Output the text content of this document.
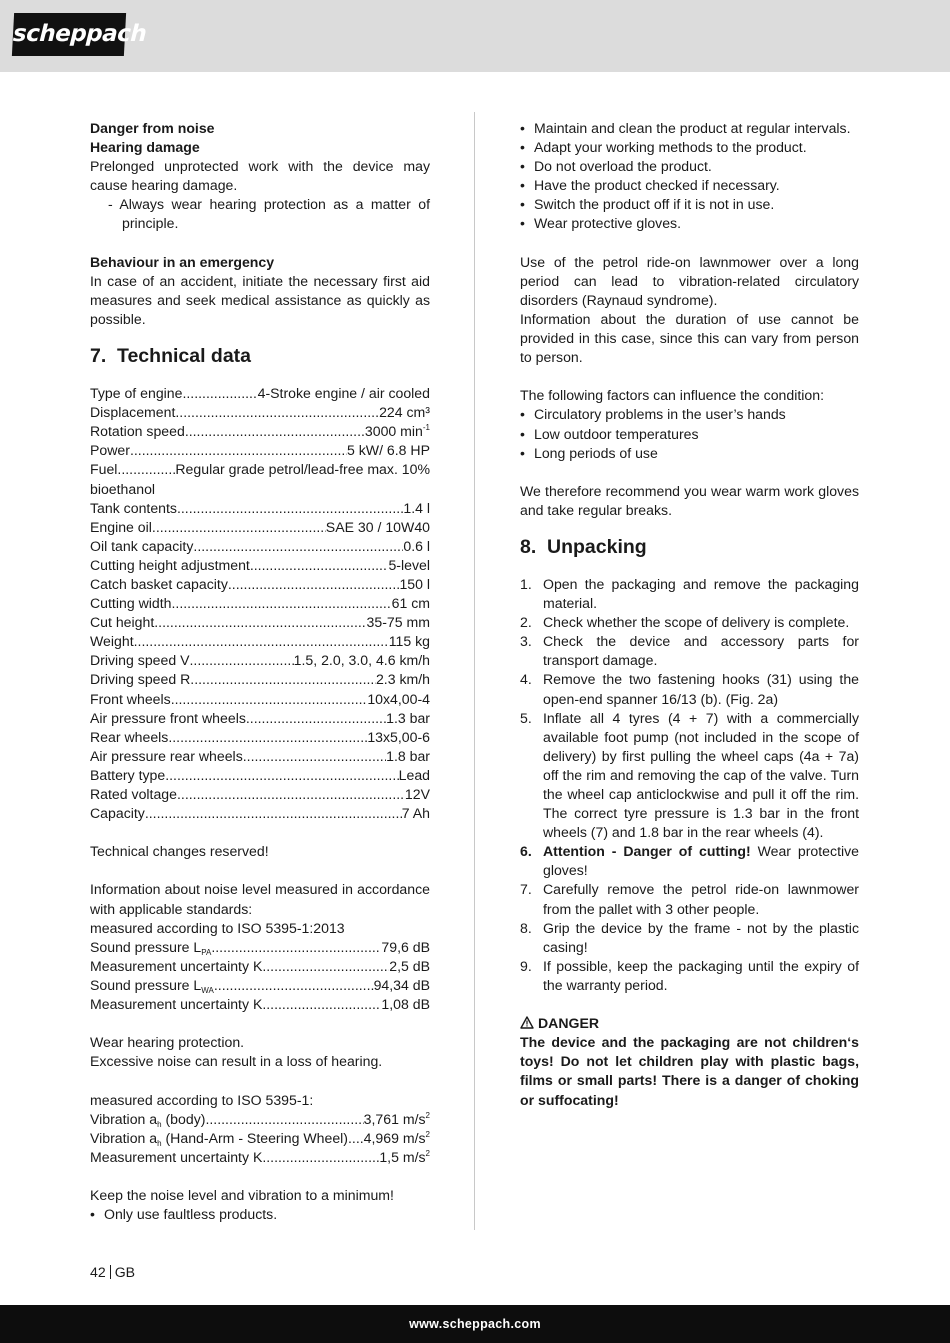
scheppach
Danger from noise
Hearing damage
Prelonged unprotected work with the device may cause hearing damage.
- Always wear hearing protection as a matter of principle.
Behaviour in an emergency
In case of an accident, initiate the necessary first aid measures and seek medical assistance as quickly as possible.
7. Technical data
Type of engine .....	4-Stroke engine / air cooled
Displacement .....	224 cm³
Rotation speed .....	3000 $\min^{-1}$
Power .....	5 kW/ 6.8 HP
Fuel .....	Regular grade petrol/lead-free max. 10%
bioethanol
Tank contents .....	1.4 l
Engine oil .....	SAE 30 / 10W40
Oil tank capacity .....	0.6 l
Cutting height adjustment .....	5-level
Catch basket capacity .....	150 l
Cutting width .....	61 cm
Cut height .....	35-75 mm
Weight .....	115 kg
Driving speed V .....	1.5, 2.0, 3.0, 4.6 km/h
Driving speed R .....	2.3 km/h
Front wheels .....	10x4,00-4
Air pressure front wheels .....	1.3 bar
Rear wheels .....	13x5,00-6
Air pressure rear wheels .....	1.8 bar
Battery type .....	Lead
Rated voltage .....	12V
Capacity .....	7 Ah
Technical changes reserved!
Information about noise level measured in accordance with applicable standards:
measured according to ISO 5395-1:2013
Sound pressure $L_{PA}$ .....	79,6 dB
Measurement uncertainty K .....	2,5 dB
Sound pressure $L_{WA}$ .....	94,34 dB
Measurement uncertainty K .....	1,08 dB
Wear hearing protection.
Excessive noise can result in a loss of hearing.
measured according to ISO 5395-1:
Vibration $a_h$ (body) .....	3,761 $m/s^2$
Vibration $a_h$ (Hand-Arm - Steering Wheel) ..... 4,969 $m/s^2$
Measurement uncertainty K .....	1,5 $m/s^2$
Keep the noise level and vibration to a minimum!
• Only use faultless products.
• Maintain and clean the product at regular intervals.
• Adapt your working methods to the product.
• Do not overload the product.
• Have the product checked if necessary.
• Switch the product off if it is not in use.
• Wear protective gloves.
Use of the petrol ride-on lawnmower over a long period can lead to vibration-related circulatory disorders (Raynaud syndrome).
Information about the duration of use cannot be provided in this case, since this can vary from person to person.
The following factors can influence the condition:
• Circulatory problems in the user’s hands
• Low outdoor temperatures
• Long periods of use
We therefore recommend you wear warm work gloves and take regular breaks.
8. Unpacking
1. Open the packaging and remove the packaging material.
2. Check whether the scope of delivery is complete.
3. Check the device and accessory parts for transport damage.
4. Remove the two fastening hooks (31) using the open-end spanner 16/13 (b). (Fig. 2a)
5. Inflate all 4 tyres (4 + 7) with a commercially available foot pump (not included in the scope of delivery) by first pulling the wheel caps (4a + 7a) off the rim and removing the cap of the valve. Turn the wheel cap anticlockwise and pull it off the rim. The correct tyre pressure is 1.3 bar in the front wheels (7) and 1.8 bar in the rear wheels (4).
6. Attention - Danger of cutting! Wear protective gloves!
7. Carefully remove the petrol ride-on lawnmower from the pallet with 3 other people.
8. Grip the device by the frame - not by the plastic casing!
9. If possible, keep the packaging until the expiry of the warranty period.
DANGER
The device and the packaging are not children‘s toys! Do not let children play with plastic bags, films or small parts! There is a danger of choking or suffocating!
42 GB
www.scheppach.com
